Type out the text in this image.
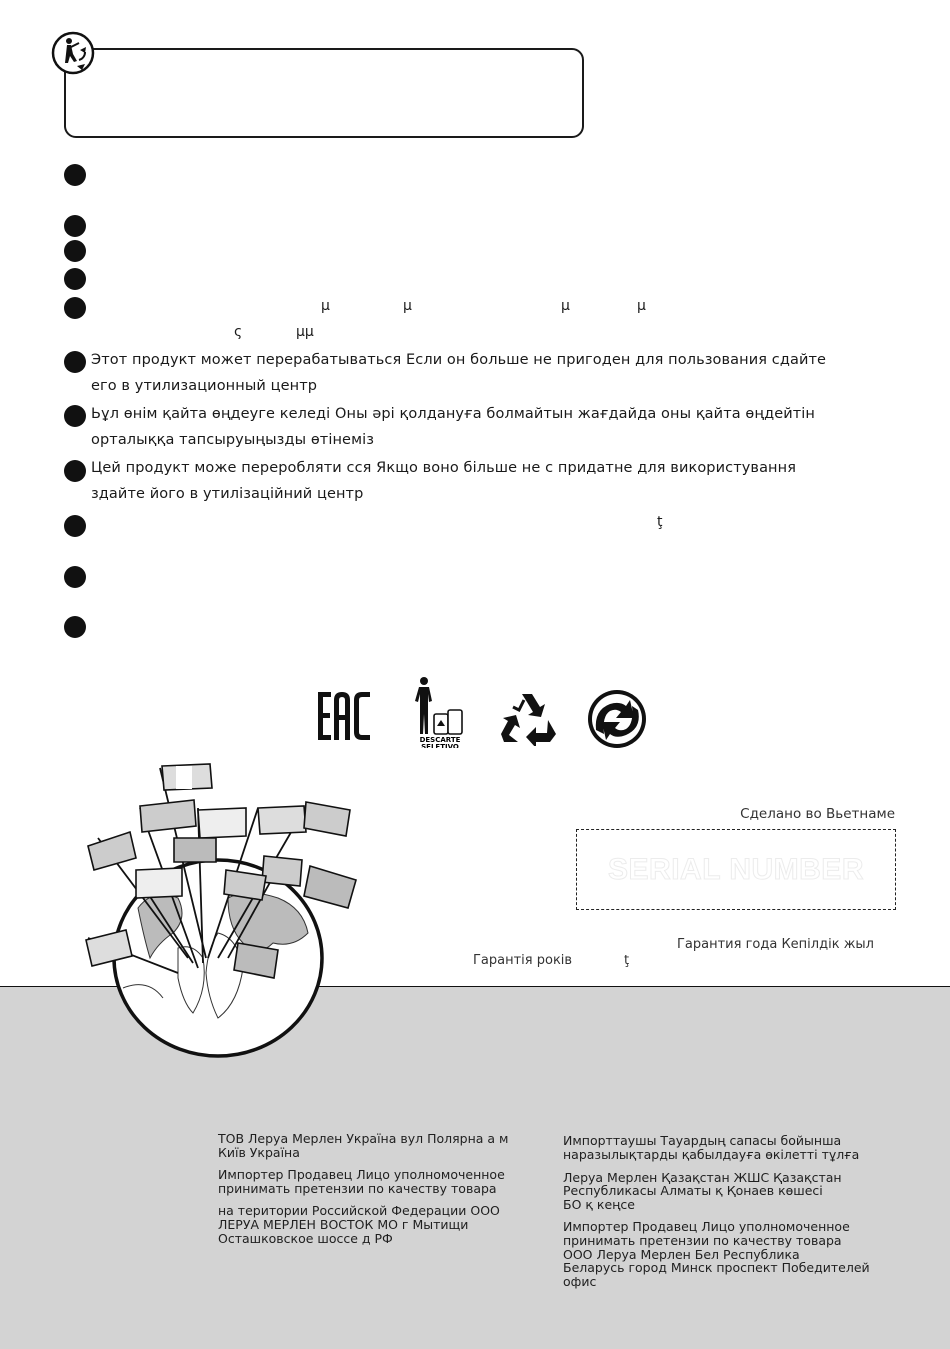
μ	μ	μ	μ
ς	μμ
ţ
Этот продукт может перерабатываться Если он больше не пригоден для пользования сдайте
его в утилизационный центр
Ьұл өнім қайта өңдеуге келеді Оны әрі қолдануға болмайтын жағдайда оны қайта өңдейтін
орталыққа тапсыруыңызды өтінеміз
Цей продукт може переробляти сся Якщо воно більше не с придатне для використування
здайте його в утилізаційний центр
DESCARTE
SELETIVO
Сделано во Вьетнаме
SERIAL NUMBER
Гарантия года Кепілдік жыл
Гарантія років	ţ
ТОВ Леруа Мерлен Україна вул Полярна а м
Київ Україна
Импортер Продавец Лицо уполномоченное
принимать претензии по качеству товара
на територии Российской Федерации ООО
ЛЕРУА МЕРЛЕН ВОСТОК МО г Мытищи
Осташковское шоссе д РФ
Импорттаушы Тауардың сапасы бойынша
наразылықтарды қабылдауға өкілетті тұлға
Леруа Мерлен Қазақстан ЖШС Қазақстан
Республикасы Алматы қ Қонаев көшесі
БО қ кеңсе
Импортер Продавец Лицо уполномоченное
принимать претензии по качеству товара
ООО Леруа Мерлен Бел Республика
Беларусь город Минск проспект Победителей
офис
